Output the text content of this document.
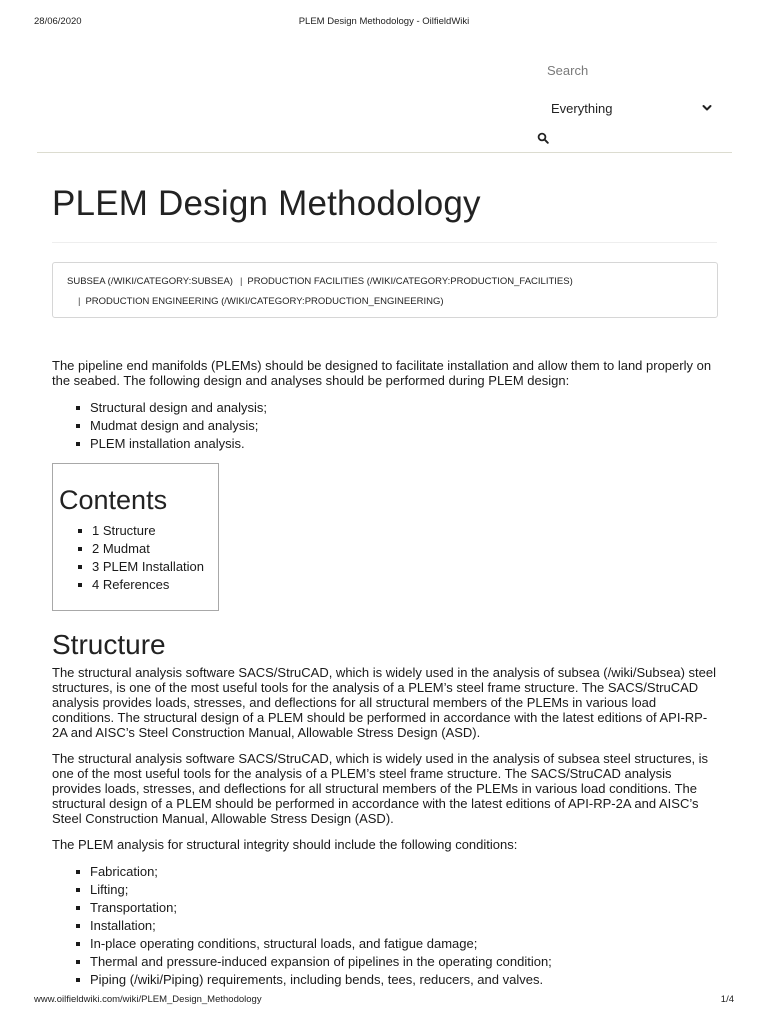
28/06/2020	PLEM Design Methodology - OilfieldWiki
Search
Everything
PLEM Design Methodology
SUBSEA (/WIKI/CATEGORY:SUBSEA) | PRODUCTION FACILITIES (/WIKI/CATEGORY:PRODUCTION_FACILITIES)
| PRODUCTION ENGINEERING (/WIKI/CATEGORY:PRODUCTION_ENGINEERING)

The pipeline end manifolds (PLEMs) should be designed to facilitate installation and allow them to land properly on the seabed. The following design and analyses should be performed during PLEM design:

Structural design and analysis;
Mudmat design and analysis;
PLEM installation analysis.
Contents
1 Structure
2 Mudmat
3 PLEM Installation
4 References
Structure

The structural analysis software SACS/StruCAD, which is widely used in the analysis of subsea (/wiki/Subsea) steel structures, is one of the most useful tools for the analysis of a PLEM’s steel frame structure. The SACS/StruCAD analysis provides loads, stresses, and deflections for all structural members of the PLEMs in various load conditions. The structural design of a PLEM should be performed in accordance with the latest editions of API-RP-2A and AISC’s Steel Construction Manual, Allowable Stress Design (ASD).

The structural analysis software SACS/StruCAD, which is widely used in the analysis of subsea steel structures, is one of the most useful tools for the analysis of a PLEM’s steel frame structure. The SACS/StruCAD analysis provides loads, stresses, and deflections for all structural members of the PLEMs in various load conditions. The structural design of a PLEM should be performed in accordance with the latest editions of API-RP-2A and AISC’s Steel Construction Manual, Allowable Stress Design (ASD).

The PLEM analysis for structural integrity should include the following conditions:

Fabrication;
Lifting;
Transportation;
Installation;
In-place operating conditions, structural loads, and fatigue damage;
Thermal and pressure-induced expansion of pipelines in the operating condition;
Piping (/wiki/Piping) requirements, including bends, tees, reducers, and valves.
www.oilfieldwiki.com/wiki/PLEM_Design_Methodology	1/4
